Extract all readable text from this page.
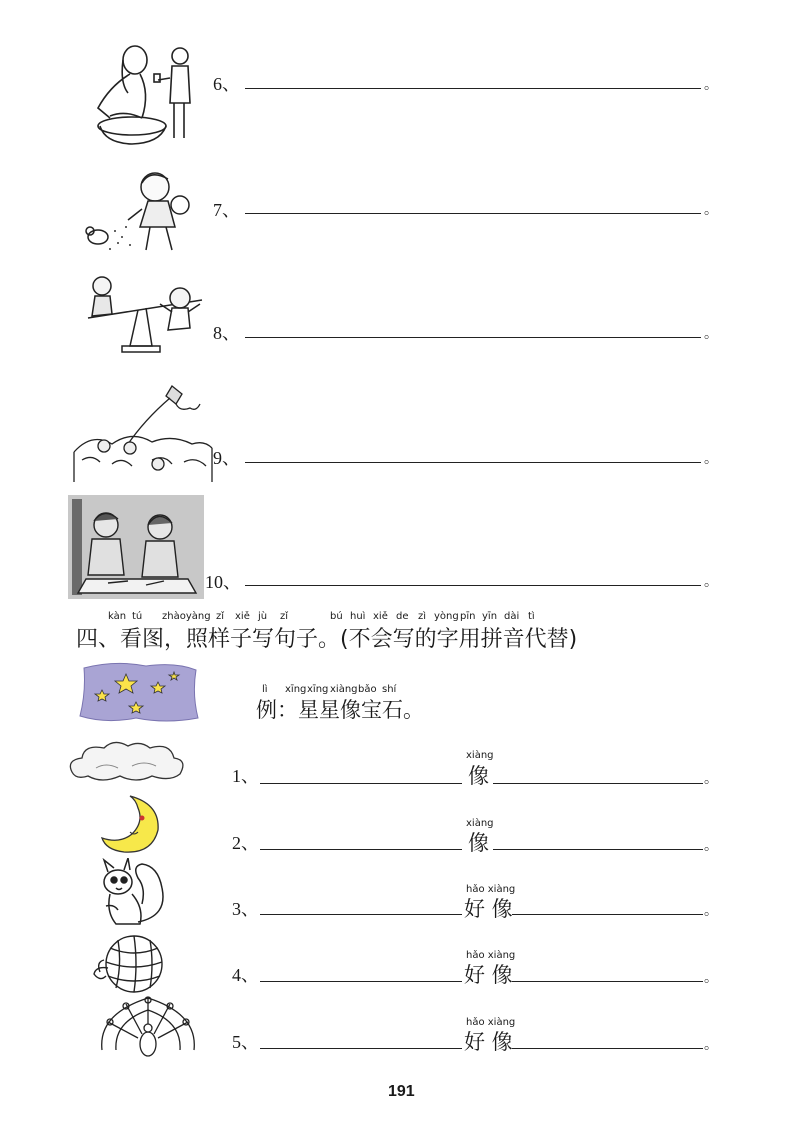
6、	。
7、	。
8、	。
9、	。
10、	。
kàn tú zhàoyàng zǐ xiě jù zǐ	bú huì xiě de zì yòng pīn yīn dài tì
四、看图，照样子写句子。(不会写的字用拼音代替)
lì xīng xīng xiàng bǎo shí
例：星星像宝石。
1、
xiàng
像	。
2、
xiàng
像	。
3、
hǎo xiàng
好 像	。
4、
hǎo xiàng
好 像	。
5、
hǎo xiàng
好 像	。
191
